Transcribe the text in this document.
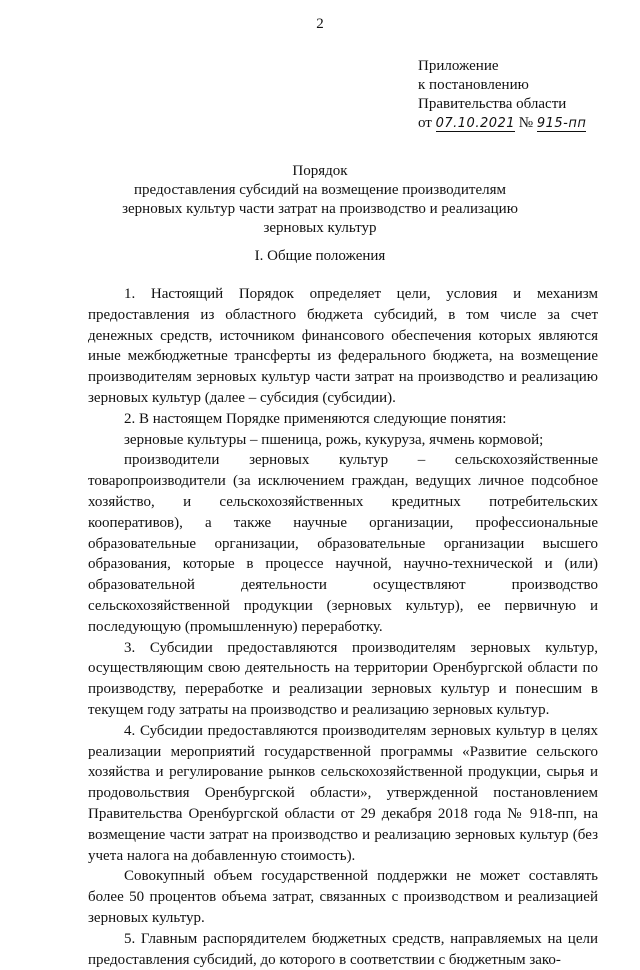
2
Приложение
к постановлению
Правительства области
от 07.10.2021 № 915-пп
Порядок
предоставления субсидий на возмещение производителям
зерновых культур части затрат на производство и реализацию
зерновых культур
I. Общие положения

1. Настоящий Порядок определяет цели, условия и механизм предоставления из областного бюджета субсидий, в том числе за счет денежных средств, источником финансового обеспечения которых являются иные межбюджетные трансферты из федерального бюджета, на возмещение производителям зерновых культур части затрат на производство и реализацию зерновых культур (далее – субсидия (субсидии).

2. В настоящем Порядке применяются следующие понятия:

зерновые культуры – пшеница, рожь, кукуруза, ячмень кормовой;

производители зерновых культур – сельскохозяйственные товаропроизводители (за исключением граждан, ведущих личное подсобное хозяйство, и сельскохозяйственных кредитных потребительских кооперативов), а также научные организации, профессиональные образовательные организации, образовательные организации высшего образования, которые в процессе научной, научно-технической и (или) образовательной деятельности осуществляют производство сельскохозяйственной продукции (зерновых культур), ее первичную и последующую (промышленную) переработку.

3. Субсидии предоставляются производителям зерновых культур, осуществляющим свою деятельность на территории Оренбургской области по производству, переработке и реализации зерновых культур и понесшим в текущем году затраты на производство и реализацию зерновых культур.

4. Субсидии предоставляются производителям зерновых культур в целях реализации мероприятий государственной программы «Развитие сельского хозяйства и регулирование рынков сельскохозяйственной продукции, сырья и продовольствия Оренбургской области», утвержденной постановлением Правительства Оренбургской области от 29 декабря 2018 года № 918-пп, на возмещение части затрат на производство и реализацию зерновых культур (без учета налога на добавленную стоимость).

Совокупный объем государственной поддержки не может составлять более 50 процентов объема затрат, связанных с производством и реализацией зерновых культур.

5. Главным распорядителем бюджетных средств, направляемых на цели предоставления субсидий, до которого в соответствии с бюджетным зако-
